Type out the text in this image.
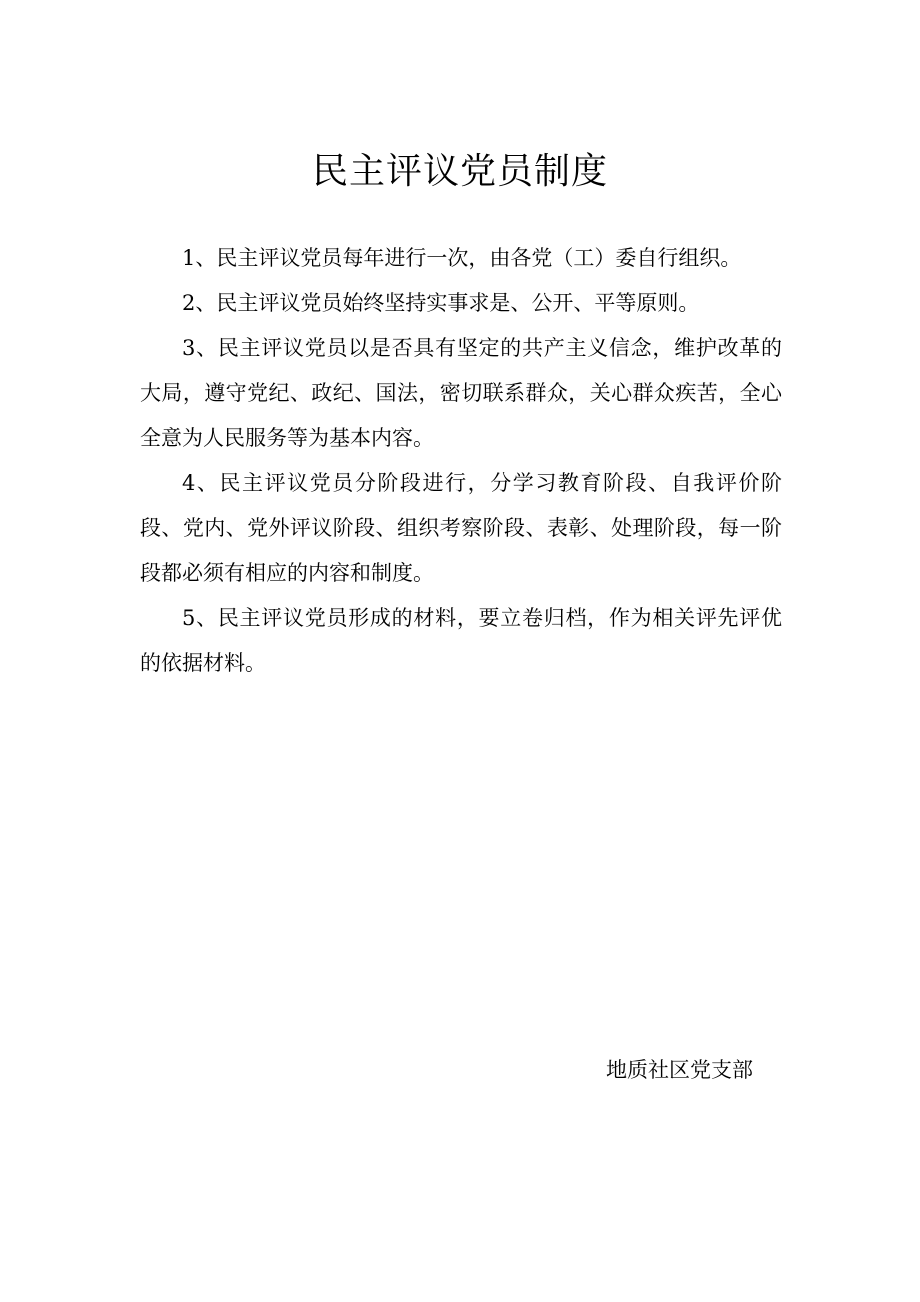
民主评议党员制度

1、民主评议党员每年进行一次，由各党（工）委自行组织。

2、民主评议党员始终坚持实事求是、公开、平等原则。

3、民主评议党员以是否具有坚定的共产主义信念，维护改革的大局，遵守党纪、政纪、国法，密切联系群众，关心群众疾苦，全心全意为人民服务等为基本内容。

4、民主评议党员分阶段进行，分学习教育阶段、自我评价阶段、党内、党外评议阶段、组织考察阶段、表彰、处理阶段，每一阶段都必须有相应的内容和制度。

5、民主评议党员形成的材料，要立卷归档，作为相关评先评优的依据材料。

地质社区党支部
